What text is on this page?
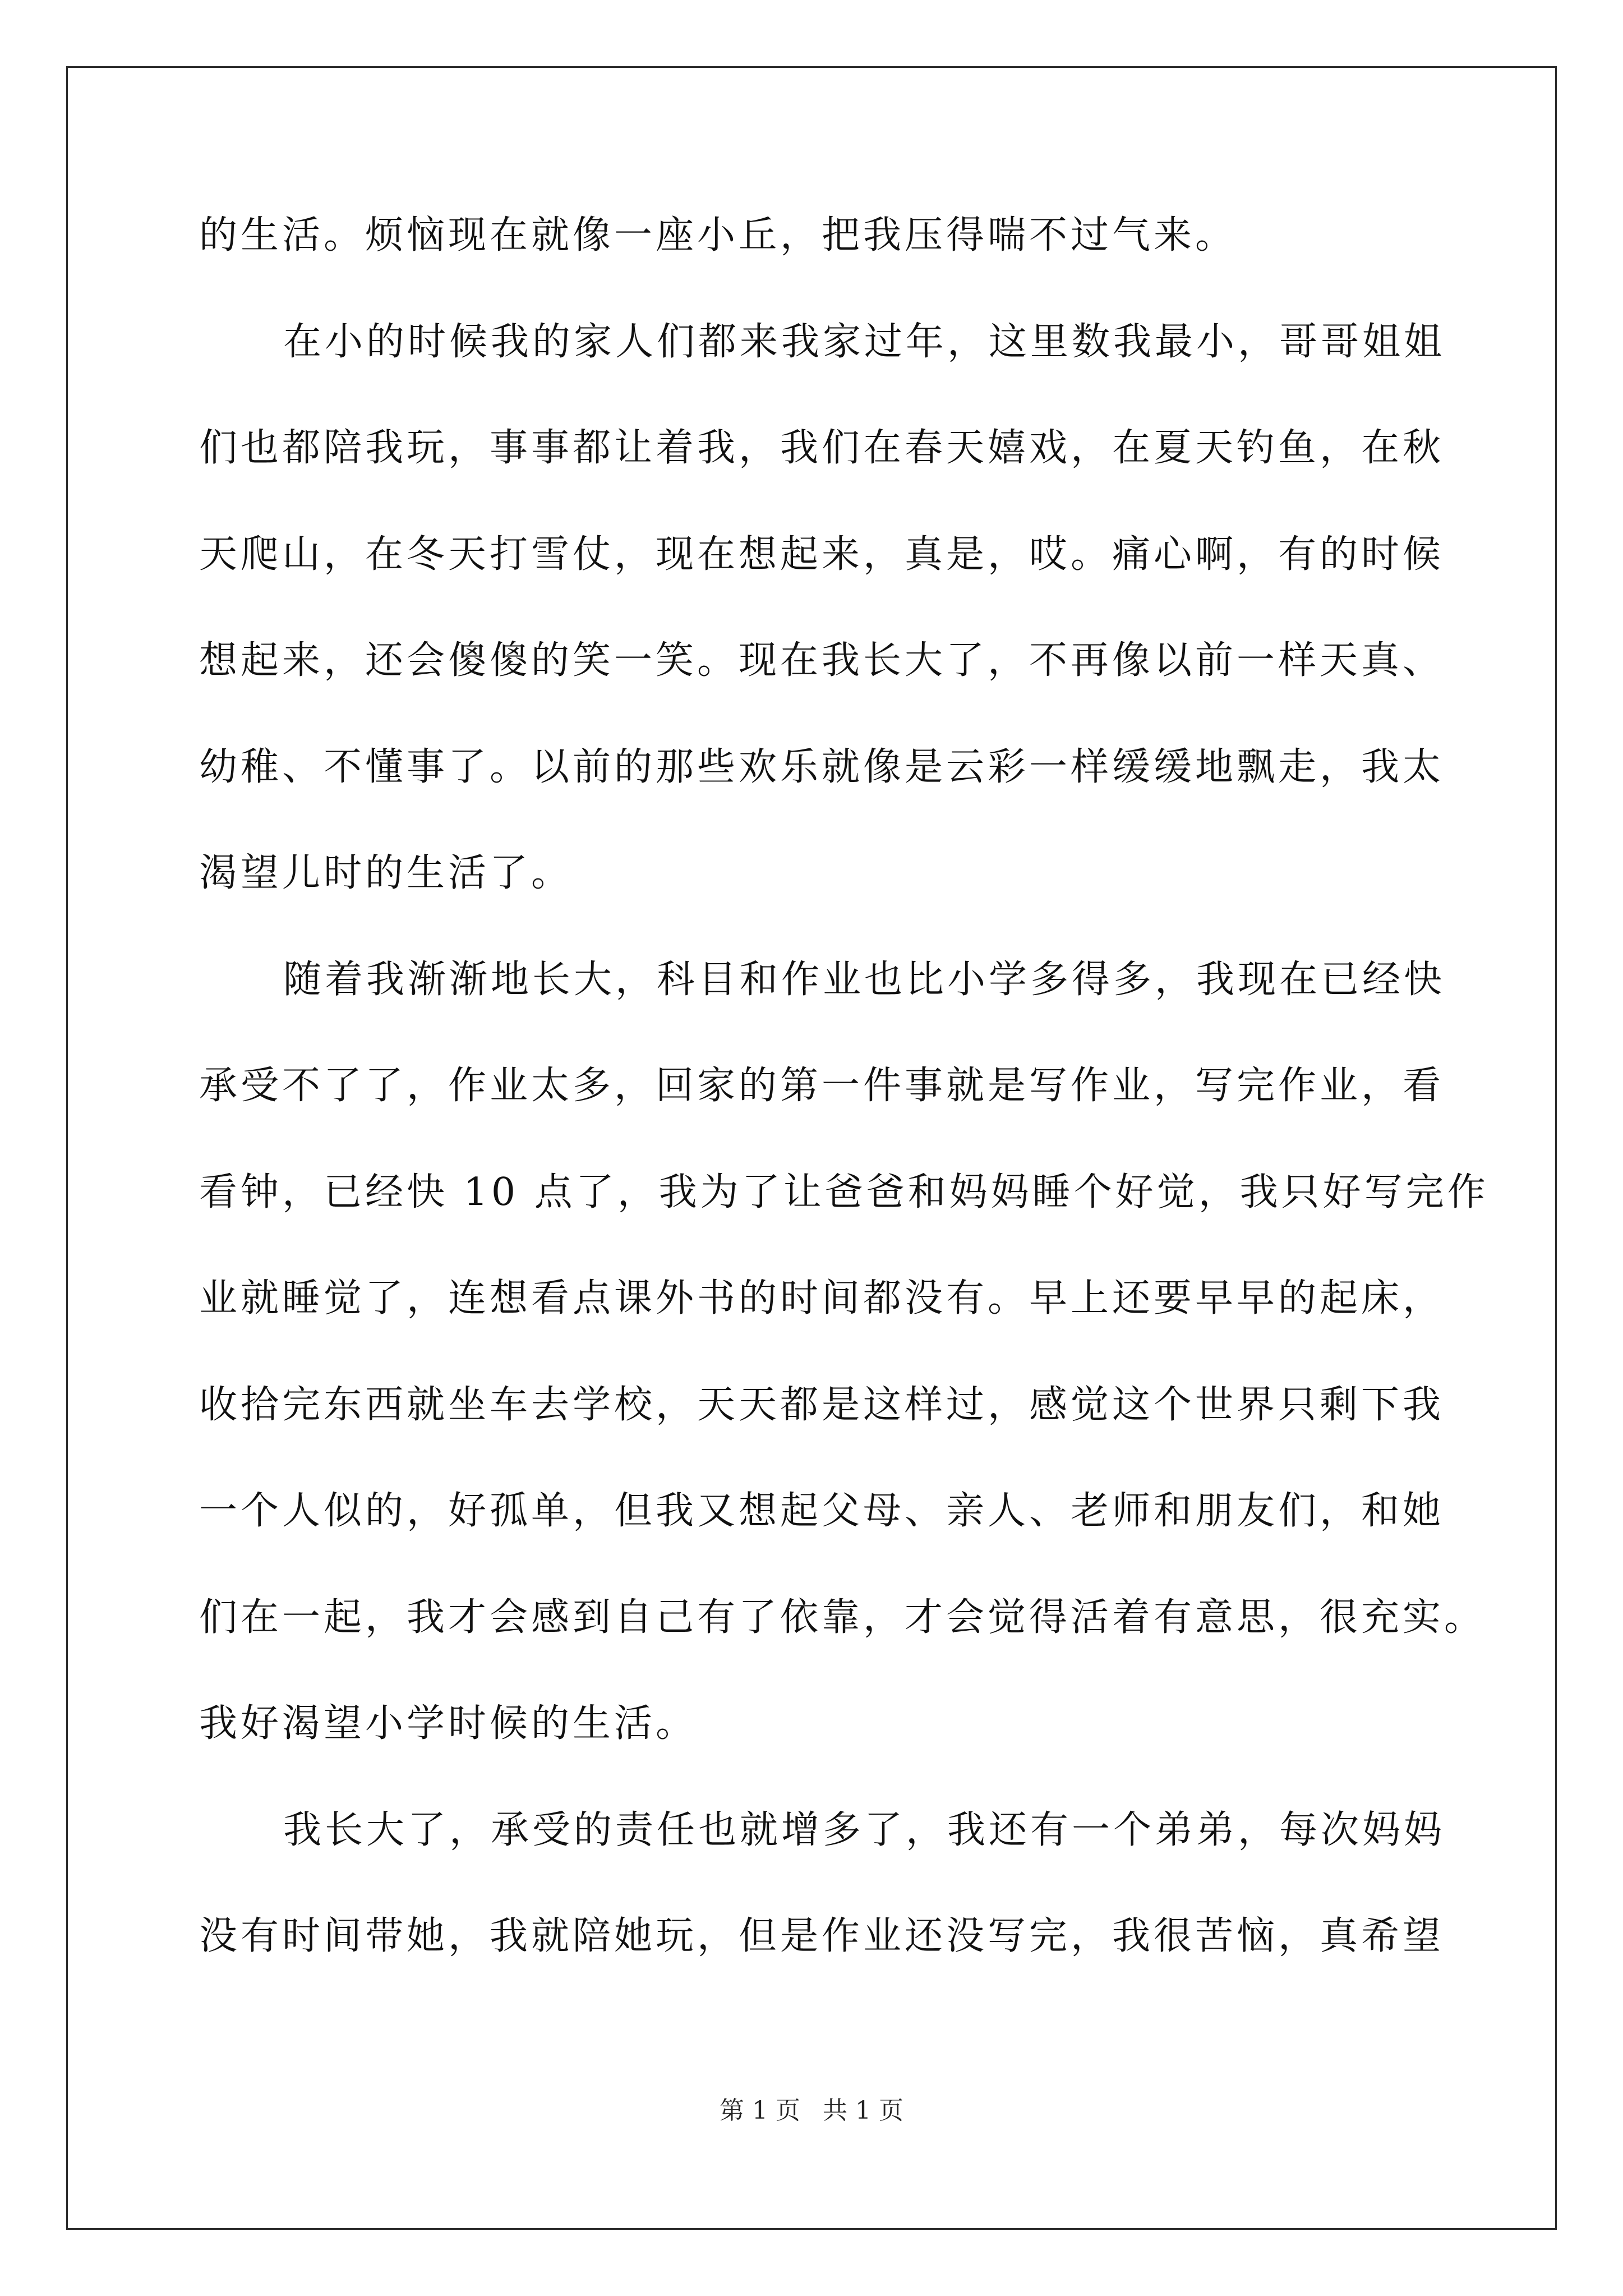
的生活。烦恼现在就像一座小丘，把我压得喘不过气来。
在小的时候我的家人们都来我家过年，这里数我最小，哥哥姐姐
们也都陪我玩，事事都让着我，我们在春天嬉戏，在夏天钓鱼，在秋
天爬山，在冬天打雪仗，现在想起来，真是，哎。痛心啊，有的时候
想起来，还会傻傻的笑一笑。现在我长大了，不再像以前一样天真、
幼稚、不懂事了。以前的那些欢乐就像是云彩一样缓缓地飘走，我太
渴望儿时的生活了。
随着我渐渐地长大，科目和作业也比小学多得多，我现在已经快
承受不了了，作业太多，回家的第一件事就是写作业，写完作业，看
看钟，已经快 10 点了，我为了让爸爸和妈妈睡个好觉，我只好写完作
业就睡觉了，连想看点课外书的时间都没有。早上还要早早的起床，
收拾完东西就坐车去学校，天天都是这样过，感觉这个世界只剩下我
一个人似的，好孤单，但我又想起父母、亲人、老师和朋友们，和她
们在一起，我才会感到自己有了依靠，才会觉得活着有意思，很充实。
我好渴望小学时候的生活。
我长大了，承受的责任也就增多了，我还有一个弟弟，每次妈妈
没有时间带她，我就陪她玩，但是作业还没写完，我很苦恼，真希望
第 1 页 共 1 页
